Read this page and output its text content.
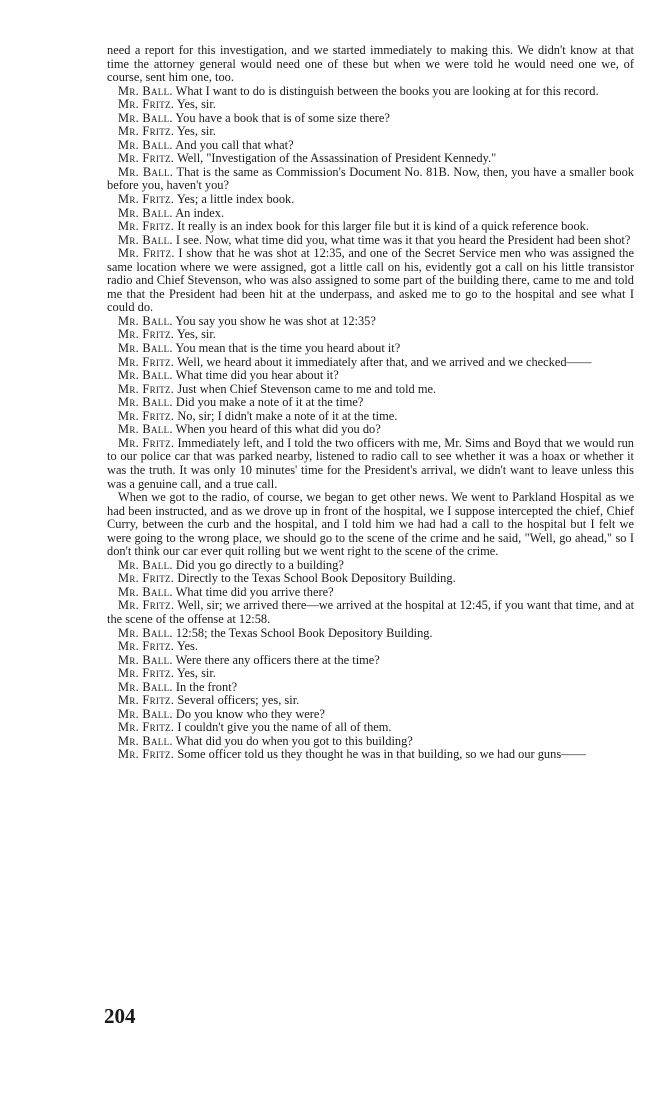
need a report for this investigation, and we started immediately to making this. We didn't know at that time the attorney general would need one of these but when we were told he would need one we, of course, sent him one, too.

Mr. Ball. What I want to do is distinguish between the books you are looking at for this record.

Mr. Fritz. Yes, sir.

Mr. Ball. You have a book that is of some size there?

Mr. Fritz. Yes, sir.

Mr. Ball. And you call that what?

Mr. Fritz. Well, "Investigation of the Assassination of President Kennedy."

Mr. Ball. That is the same as Commission's Document No. 81B. Now, then, you have a smaller book before you, haven't you?

Mr. Fritz. Yes; a little index book.

Mr. Ball. An index.

Mr. Fritz. It really is an index book for this larger file but it is kind of a quick reference book.

Mr. Ball. I see. Now, what time did you, what time was it that you heard the President had been shot?

Mr. Fritz. I show that he was shot at 12:35, and one of the Secret Service men who was assigned the same location where we were assigned, got a little call on his, evidently got a call on his little transistor radio and Chief Stevenson, who was also assigned to some part of the building there, came to me and told me that the President had been hit at the underpass, and asked me to go to the hospital and see what I could do.

Mr. Ball. You say you show he was shot at 12:35?

Mr. Fritz. Yes, sir.

Mr. Ball. You mean that is the time you heard about it?

Mr. Fritz. Well, we heard about it immediately after that, and we arrived and we checked——

Mr. Ball. What time did you hear about it?

Mr. Fritz. Just when Chief Stevenson came to me and told me.

Mr. Ball. Did you make a note of it at the time?

Mr. Fritz. No, sir; I didn't make a note of it at the time.

Mr. Ball. When you heard of this what did you do?

Mr. Fritz. Immediately left, and I told the two officers with me, Mr. Sims and Boyd that we would run to our police car that was parked nearby, listened to radio call to see whether it was a hoax or whether it was the truth. It was only 10 minutes' time for the President's arrival, we didn't want to leave unless this was a genuine call, and a true call.

When we got to the radio, of course, we began to get other news. We went to Parkland Hospital as we had been instructed, and as we drove up in front of the hospital, we I suppose intercepted the chief, Chief Curry, between the curb and the hospital, and I told him we had had a call to the hospital but I felt we were going to the wrong place, we should go to the scene of the crime and he said, "Well, go ahead," so I don't think our car ever quit rolling but we went right to the scene of the crime.

Mr. Ball. Did you go directly to a building?

Mr. Fritz. Directly to the Texas School Book Depository Building.

Mr. Ball. What time did you arrive there?

Mr. Fritz. Well, sir; we arrived there—we arrived at the hospital at 12:45, if you want that time, and at the scene of the offense at 12:58.

Mr. Ball. 12:58; the Texas School Book Depository Building.

Mr. Fritz. Yes.

Mr. Ball. Were there any officers there at the time?

Mr. Fritz. Yes, sir.

Mr. Ball. In the front?

Mr. Fritz. Several officers; yes, sir.

Mr. Ball. Do you know who they were?

Mr. Fritz. I couldn't give you the name of all of them.

Mr. Ball. What did you do when you got to this building?

Mr. Fritz. Some officer told us they thought he was in that building, so we had our guns——

204
